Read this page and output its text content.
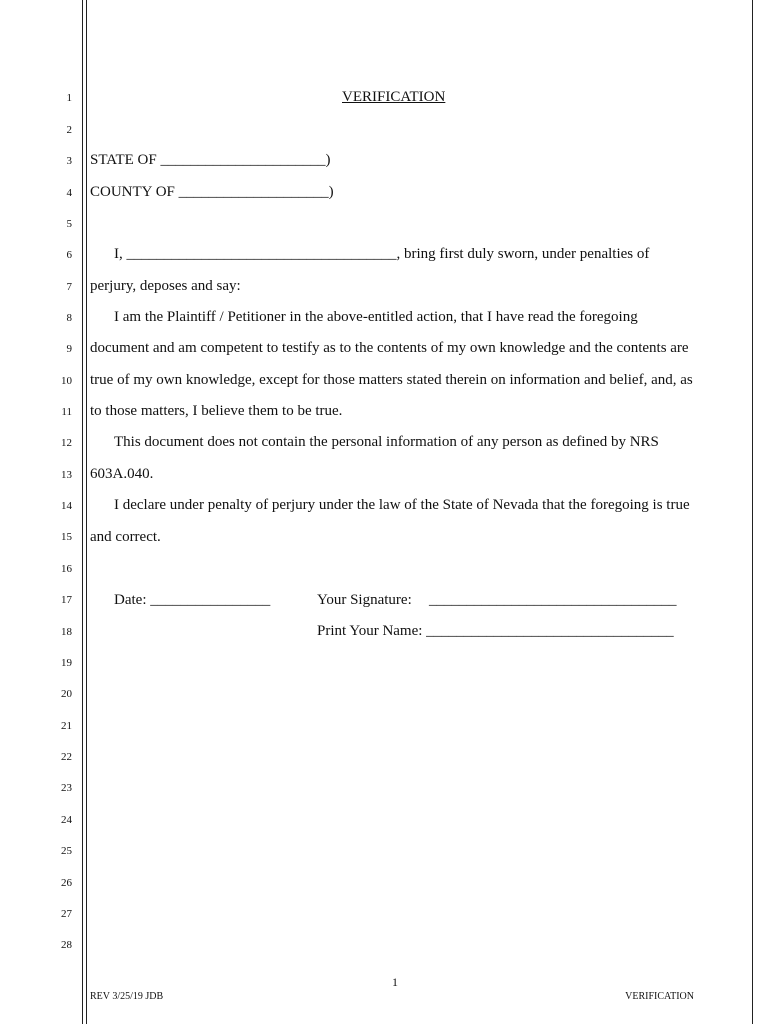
1
2
3
4
5
6
7
8
9
10
11
12
13
14
15
16
17
18
19
20
21
22
23
24
25
26
27
28
VERIFICATION
STATE OF ______________________)
COUNTY OF ____________________)
I, ____________________________________, bring first duly sworn, under penalties of
perjury, deposes and say:
I am the Plaintiff / Petitioner in the above-entitled action, that I have read the foregoing
document and am competent to testify as to the contents of my own knowledge and the contents are
true of my own knowledge, except for those matters stated therein on information and belief, and, as
to those matters, I believe them to be true.
This document does not contain the personal information of any person as defined by NRS
603A.040.
I declare under penalty of perjury under the law of the State of Nevada that the foregoing is true
and correct.
Date: ________________	Your Signature: _________________________________
Print Your Name: _________________________________
1
REV 3/25/19 JDB	VERIFICATION
